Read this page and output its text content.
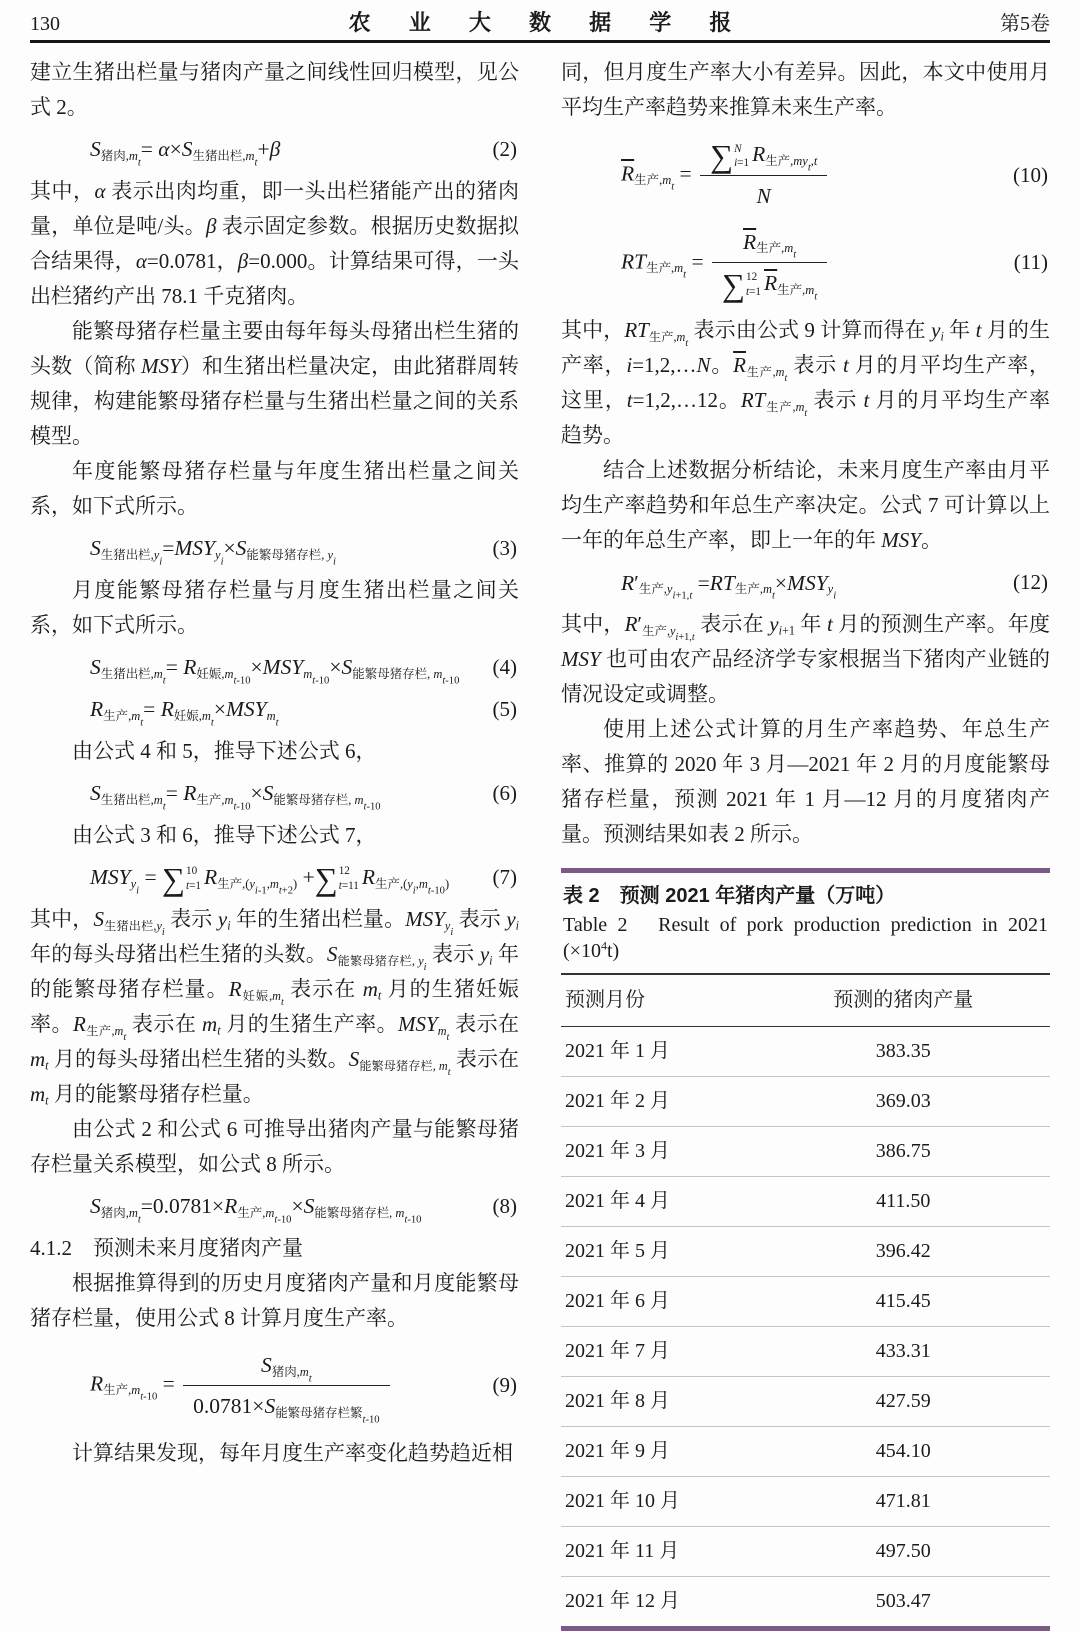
130	农 业 大 数 据 学 报	第5卷

建立生猪出栏量与猪肉产量之间线性回归模型，见公式 2。

$S_{猪肉,m_t}= \alpha\times S_{生猪出栏,m_t}+\beta$	(2)

其中，α 表示出肉均重，即一头出栏猪能产出的猪肉量，单位是吨/头。β 表示固定参数。根据历史数据拟合结果得，α=0.0781，β=0.000。计算结果可得，一头出栏猪约产出 78.1 千克猪肉。

能繁母猪存栏量主要由每年每头母猪出栏生猪的头数（简称 MSY）和生猪出栏量决定，由此猪群周转规律，构建能繁母猪存栏量与生猪出栏量之间的关系模型。

年度能繁母猪存栏量与年度生猪出栏量之间关系，如下式所示。

$S_{生猪出栏,y_i}=MSY_{y_i}\times S_{能繁母猪存栏, y_i}$
(3)

月度能繁母猪存栏量与月度生猪出栏量之间关系，如下式所示。

$S_{生猪出栏,m_t}= R_{妊娠,m_{t-10}}\times MSY_{m_{t-10}}\times S_{能繁母猪存栏, m_{t-10}}$
(4)
$R_{生产,m_t}= R_{妊娠,m_t}\times MSY_{m_t}$
(5)

由公式 4 和 5，推导下述公式 6，

$S_{生猪出栏,m_t}= R_{生产,m_{t-10}}\times S_{能繁母猪存栏, m_{t-10}}$
(6)

由公式 3 和 6，推导下述公式 7，

$MSY_{y_i}$ = ∑ 10
t=1 $R_{生产,(y_{i-1},m_{t+2})}$ + ∑ 12
t=11 $R_{生产,(y_i,m_{t-10})}$	(7)

其中，$S_{生猪出栏,y_i}$ 表示 $y_i$ 年的生猪出栏量。$MSY_{y_i}$ 表示 $y_i$ 年的每头母猪出栏生猪的头数。$S_{能繁母猪存栏, y_i}$ 表示 $y_i$ 年的能繁母猪存栏量。$R_{妊娠,m_t}$ 表示在 $m_t$ 月的生猪妊娠率。$R_{生产,m_t}$ 表示在 $m_t$ 月的生猪生产率。$MSY_{m_t}$ 表示在 $m_t$ 月的每头母猪出栏生猪的头数。$S_{能繁母猪存栏, m_t}$ 表示在 $m_t$ 月的能繁母猪存栏量。

由公式 2 和公式 6 可推导出猪肉产量与能繁母猪存栏量关系模型，如公式 8 所示。

$S_{猪肉,m_t}=0.0781\times R_{生产,m_{t-10}}\times S_{能繁母猪存栏, m_{t-10}}$
(8)

4.1.2　预测未来月度猪肉产量

根据推算得到的历史月度猪肉产量和月度能繁母猪存栏量，使用公式 8 计算月度生产率。

$R_{生产,m_{t-10}} = \frac{S_{猪肉,m_t}}{0.0781\times S_{能繁母猪存栏繁_{t-10}}}$	(9)

计算结果发现，每年月度生产率变化趋势趋近相

同，但月度生产率大小有差异。因此，本文中使用月平均生产率趋势来推算未来生产率。

$\overline{R}_{生产,m_t}$ = ∑ N
i=1 $R_{生产,my_t,t}$
N	(10)
$RT_{生产,m_t} = \overline{R}_{生产,m_t}$
∑ 12
t=1 $\overline{R}_{生产,m_t}$	(11)

其中，$RT_{生产,m_t}$ 表示由公式 9 计算而得在 $y_i$ 年 t 月的生产率，i=1,2,…N。$\overline{R}_{生产,m_t}$ 表示 t 月的月平均生产率，这里，t=1,2,…12。$RT_{生产,m_t}$ 表示 t 月的月平均生产率趋势。

结合上述数据分析结论，未来月度生产率由月平均生产率趋势和年总生产率决定。公式 7 可计算以上一年的年总生产率，即上一年的年 MSY。

$R'_{生产,y_{i+1,t}} =RT_{生产,m_t}\times MSY_{y_i}$
(12)

其中，$R'_{生产,y_{i+1,t}}$ 表示在 $y_{i+1}$ 年 t 月的预测生产率。年度 MSY 也可由农产品经济学专家根据当下猪肉产业链的情况设定或调整。

使用上述公式计算的月生产率趋势、年总生产率、推算的 2020 年 3 月—2021 年 2 月的月度能繁母猪存栏量，预测 2021 年 1 月—12 月的月度猪肉产量。预测结果如表 2 所示。

表 2　预测 2021 年猪肉产量（万吨）
Table 2　Result of pork production prediction in 2021 $(\times 10^4t)$
预测月份	预测的猪肉产量
2021 年 1 月	383.35
2021 年 2 月	369.03
2021 年 3 月	386.75
2021 年 4 月	411.50
2021 年 5 月	396.42
2021 年 6 月	415.45
2021 年 7 月	433.31
2021 年 8 月	427.59
2021 年 9 月	454.10
2021 年 10 月	471.81
2021 年 11 月	497.50
2021 年 12 月	503.47
